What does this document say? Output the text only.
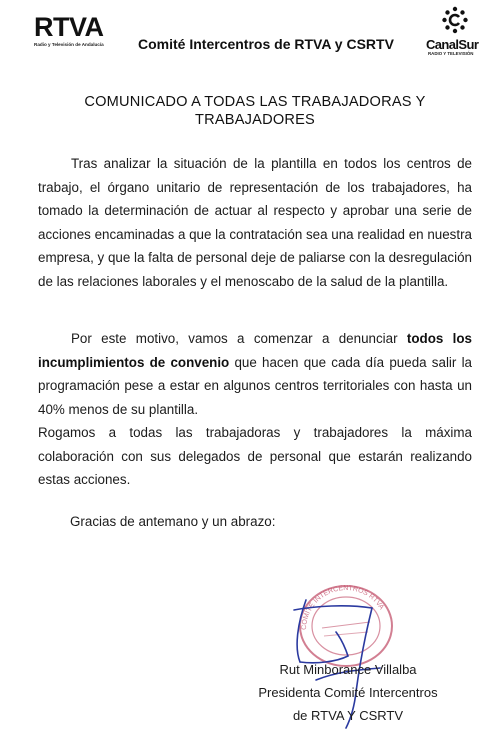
RTVA
Radio y Televisión de Andalucía	Comité Intercentros de RTVA y CSRTV	CanalSur
RADIO Y TELEVISIÓN
COMUNICADO A TODAS LAS TRABAJADORAS Y TRABAJADORES
Tras analizar la situación de la plantilla en todos los centros de trabajo, el órgano unitario de representación de los trabajadores, ha tomado la determinación de actuar al respecto y aprobar una serie de acciones encaminadas a que la contratación sea una realidad en nuestra empresa, y que la falta de personal deje de paliarse con la desregulación de las relaciones laborales y el menoscabo de la salud de la plantilla.
Por este motivo, vamos a comenzar a denunciar todos los incumplimientos de convenio que hacen que cada día pueda salir la programación pese a estar en algunos centros territoriales con hasta un 40% menos de su plantilla.
Rogamos a todas las trabajadoras y trabajadores la máxima colaboración con sus delegados de personal que estarán realizando estas acciones.
Gracias de antemano y un abrazo:
COMITÉ INTERCENTROS RTVA
Rut Minborance Villalba
Presidenta Comité Intercentros
de RTVA Y CSRTV
